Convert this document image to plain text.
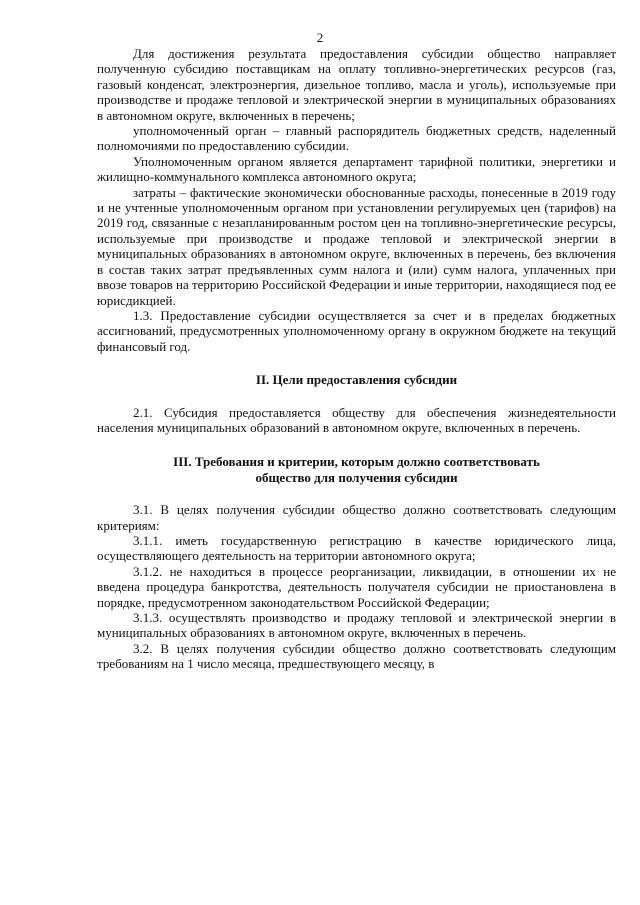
2

Для достижения результата предоставления субсидии общество направляет полученную субсидию поставщикам на оплату топливно-энергетических ресурсов (газ, газовый конденсат, электроэнергия, дизельное топливо, масла и уголь), используемые при производстве и продаже тепловой и электрической энергии в муниципальных образованиях в автономном округе, включенных в перечень;

уполномоченный орган – главный распорядитель бюджетных средств, наделенный полномочиями по предоставлению субсидии.

Уполномоченным органом является департамент тарифной политики, энергетики и жилищно-коммунального комплекса автономного округа;

затраты – фактические экономически обоснованные расходы, понесенные в 2019 году и не учтенные уполномоченным органом при установлении регулируемых цен (тарифов) на 2019 год, связанные с незапланированным ростом цен на топливно-энергетические ресурсы, используемые при производстве и продаже тепловой и электрической энергии в муниципальных образованиях в автономном округе, включенных в перечень, без включения в состав таких затрат предъявленных сумм налога и (или) сумм налога, уплаченных при ввозе товаров на территорию Российской Федерации и иные территории, находящиеся под ее юрисдикцией.

1.3. Предоставление субсидии осуществляется за счет и в пределах бюджетных ассигнований, предусмотренных уполномоченному органу в окружном бюджете на текущий финансовый год.

II. Цели предоставления субсидии

2.1. Субсидия предоставляется обществу для обеспечения жизнедеятельности населения муниципальных образований в автономном округе, включенных в перечень.

III. Требования и критерии, которым должно соответствовать
общество для получения субсидии

3.1. В целях получения субсидии общество должно соответствовать следующим критериям:

3.1.1. иметь государственную регистрацию в качестве юридического лица, осуществляющего деятельность на территории автономного округа;

3.1.2. не находиться в процессе реорганизации, ликвидации, в отношении их не введена процедура банкротства, деятельность получателя субсидии не приостановлена в порядке, предусмотренном законодательством Российской Федерации;

3.1.3. осуществлять производство и продажу тепловой и электрической энергии в муниципальных образованиях в автономном округе, включенных в перечень.

3.2. В целях получения субсидии общество должно соответствовать следующим требованиям на 1 число месяца, предшествующего месяцу, в
